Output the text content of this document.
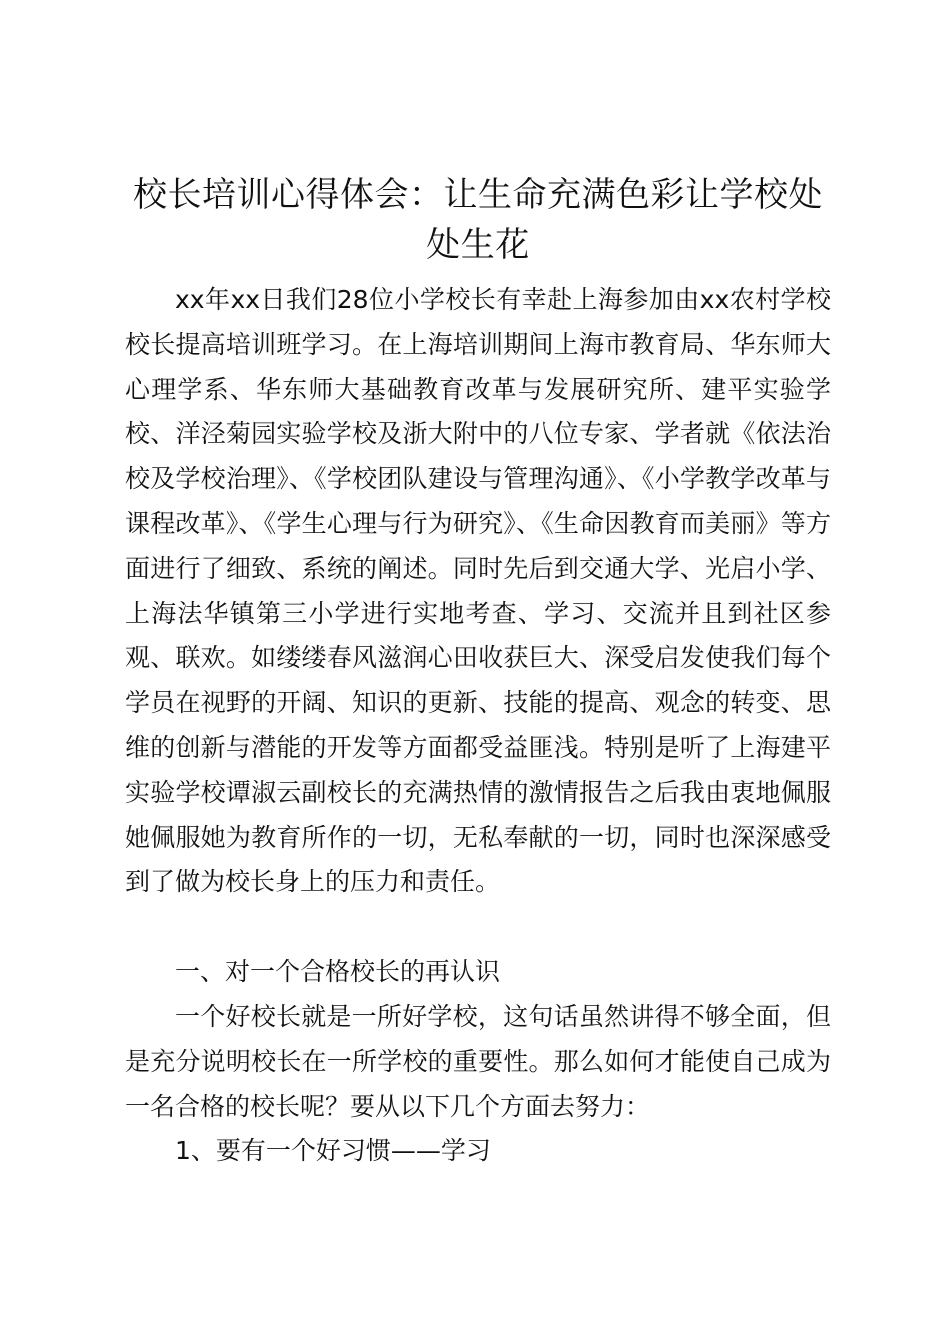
校长培训心得体会：让生命充满色彩让学校处处生花

xx年xx日我们28位小学校长有幸赴上海参加由xx农村学校校长提高培训班学习。在上海培训期间上海市教育局、华东师大心理学系、华东师大基础教育改革与发展研究所、建平实验学校、洋泾菊园实验学校及浙大附中的八位专家、学者就《依法治校及学校治理》、《学校团队建设与管理沟通》、《小学教学改革与课程改革》、《学生心理与行为研究》、《生命因教育而美丽》等方面进行了细致、系统的阐述。同时先后到交通大学、光启小学、上海法华镇第三小学进行实地考查、学习、交流并且到社区参观、联欢。如缕缕春风滋润心田收获巨大、深受启发使我们每个学员在视野的开阔、知识的更新、技能的提高、观念的转变、思维的创新与潜能的开发等方面都受益匪浅。特别是听了上海建平实验学校谭淑云副校长的充满热情的激情报告之后我由衷地佩服她佩服她为教育所作的一切，无私奉献的一切，同时也深深感受到了做为校长身上的压力和责任。

一、对一个合格校长的再认识

一个好校长就是一所好学校，这句话虽然讲得不够全面，但是充分说明校长在一所学校的重要性。那么如何才能使自己成为一名合格的校长呢？要从以下几个方面去努力：

1、要有一个好习惯——学习
